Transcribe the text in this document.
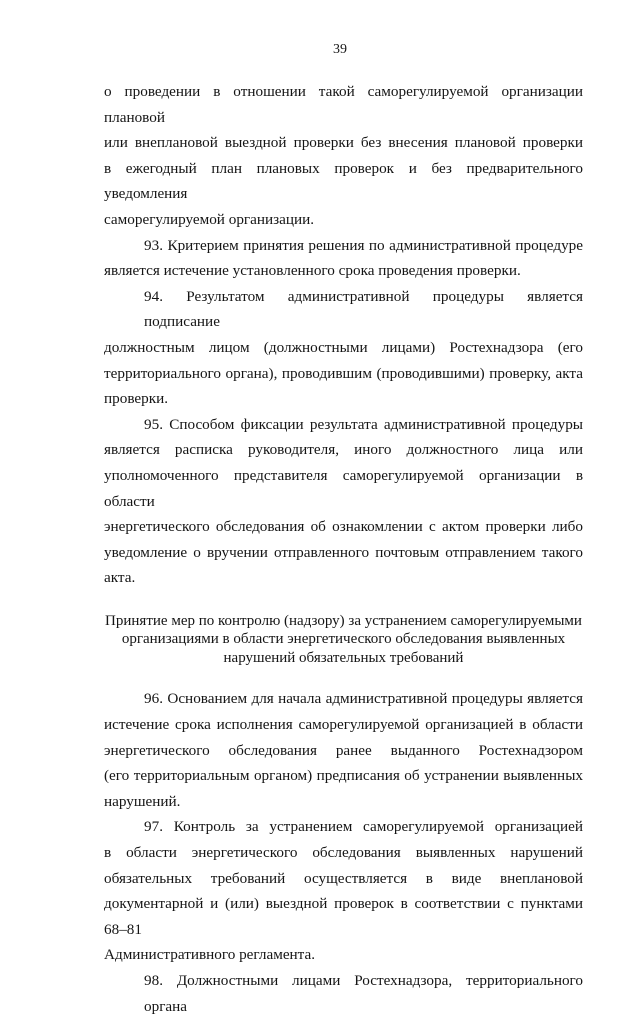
39
о проведении в отношении такой саморегулируемой организации плановой
или внеплановой выездной проверки без внесения плановой проверки
в ежегодный план плановых проверок и без предварительного уведомления
саморегулируемой организации.
93. Критерием принятия решения по административной процедуре
является истечение установленного срока проведения проверки.
94. Результатом административной процедуры является подписание
должностным лицом (должностными лицами) Ростехнадзора (его
территориального органа), проводившим (проводившими) проверку, акта
проверки.
95. Способом фиксации результата административной процедуры
является расписка руководителя, иного должностного лица или
уполномоченного представителя саморегулируемой организации в области
энергетического обследования об ознакомлении с актом проверки либо
уведомление о вручении отправленного почтовым отправлением такого акта.
Принятие мер по контролю (надзору) за устранением саморегулируемыми
организациями в области энергетического обследования выявленных
нарушений обязательных требований
96. Основанием для начала административной процедуры является
истечение срока исполнения саморегулируемой организацией в области
энергетического обследования ранее выданного Ростехнадзором
(его территориальным органом) предписания об устранении выявленных
нарушений.
97. Контроль за устранением саморегулируемой организацией
в области энергетического обследования выявленных нарушений
обязательных требований осуществляется в виде внеплановой
документарной и (или) выездной проверок в соответствии с пунктами 68–81
Административного регламента.
98. Должностными лицами Ростехнадзора, территориального органа
